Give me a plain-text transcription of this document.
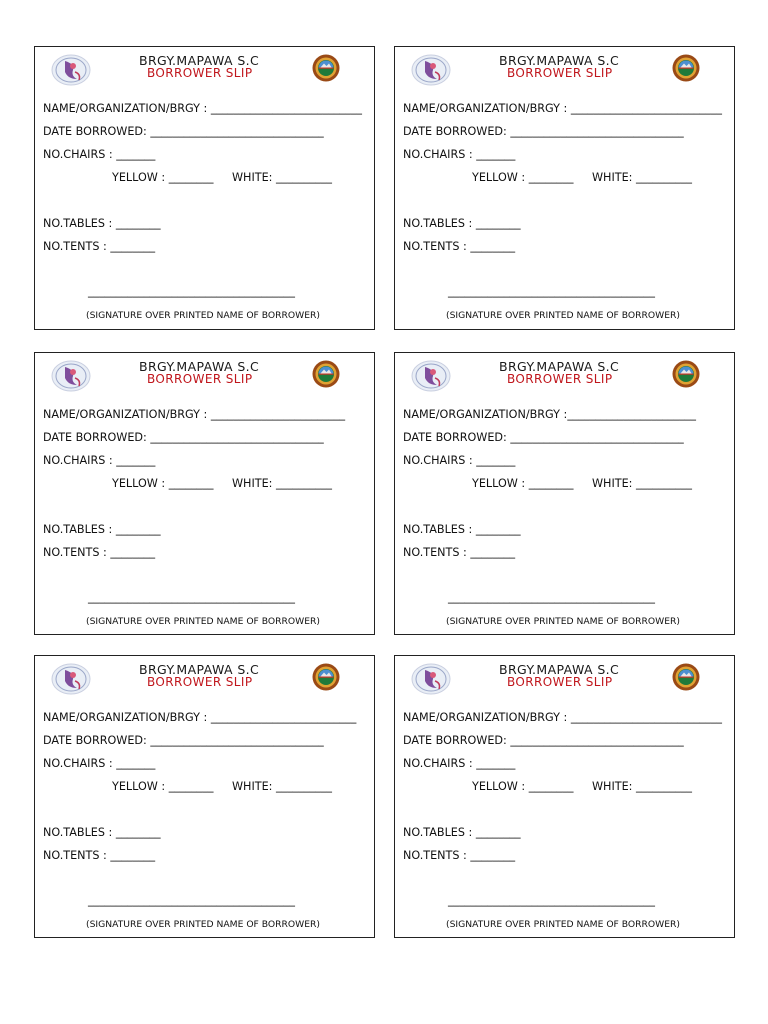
BRGY.MAPAWA S.C
BORROWER SLIP
NAME/ORGANIZATION/BRGY : ___________________________
DATE BORROWED: _______________________________
NO.CHAIRS : _______
YELLOW : ________ WHITE: __________
NO.TABLES : ________
NO.TENTS : ________
_____________________________________
(SIGNATURE OVER PRINTED NAME OF BORROWER)
BRGY.MAPAWA S.C
BORROWER SLIP
NAME/ORGANIZATION/BRGY : ___________________________
DATE BORROWED: _______________________________
NO.CHAIRS : _______
YELLOW : ________ WHITE: __________
NO.TABLES : ________
NO.TENTS : ________
_____________________________________
(SIGNATURE OVER PRINTED NAME OF BORROWER)
BRGY.MAPAWA S.C
BORROWER SLIP
NAME/ORGANIZATION/BRGY : ________________________
DATE BORROWED: _______________________________
NO.CHAIRS : _______
YELLOW : ________ WHITE: __________
NO.TABLES : ________
NO.TENTS : ________
_____________________________________
(SIGNATURE OVER PRINTED NAME OF BORROWER)
BRGY.MAPAWA S.C
BORROWER SLIP
NAME/ORGANIZATION/BRGY :_______________________
DATE BORROWED: _______________________________
NO.CHAIRS : _______
YELLOW : ________ WHITE: __________
NO.TABLES : ________
NO.TENTS : ________
_____________________________________
(SIGNATURE OVER PRINTED NAME OF BORROWER)
BRGY.MAPAWA S.C
BORROWER SLIP
NAME/ORGANIZATION/BRGY : __________________________
DATE BORROWED: _______________________________
NO.CHAIRS : _______
YELLOW : ________ WHITE: __________
NO.TABLES : ________
NO.TENTS : ________
_____________________________________
(SIGNATURE OVER PRINTED NAME OF BORROWER)
BRGY.MAPAWA S.C
BORROWER SLIP
NAME/ORGANIZATION/BRGY : ___________________________
DATE BORROWED: _______________________________
NO.CHAIRS : _______
YELLOW : ________ WHITE: __________
NO.TABLES : ________
NO.TENTS : ________
_____________________________________
(SIGNATURE OVER PRINTED NAME OF BORROWER)
